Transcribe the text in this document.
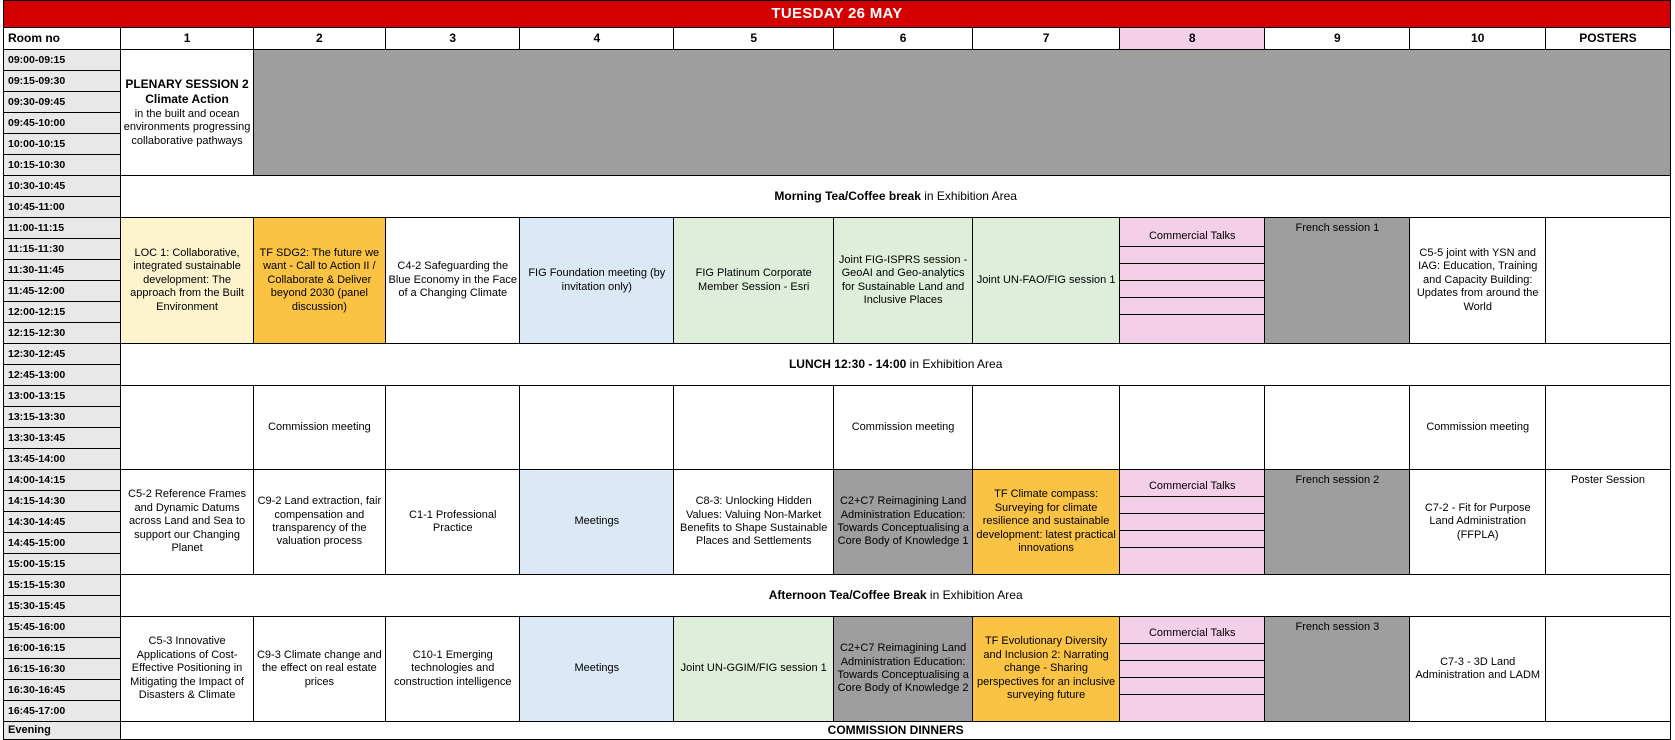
TUESDAY 26 MAY											
Room no	1	2	3	4	5	6	7	8	9	10	POSTERS
09:00-09:15	PLENARY SESSION 2
Climate Action
in the built and ocean environments progressing collaborative pathways										

09:15-09:30											
09:30-09:45											
09:45-10:00											
10:00-10:15											
10:15-10:30											
10:30-10:45	Morning Tea/Coffee break in Exhibition Area										
10:45-11:00											
11:00-11:15	LOC 1: Collaborative, integrated sustainable development: The approach from the Built Environment	TF SDG2: The future we want - Call to Action II / Collaborate & Deliver beyond 2030 (panel discussion)	C4-2 Safeguarding the Blue Economy in the Face of a Changing Climate	FIG Foundation meeting (by invitation only)	FIG Platinum Corporate Member Session - Esri	Joint FIG-ISPRS session - GeoAI and Geo-analytics for Sustainable Land and Inclusive Places	Joint UN-FAO/FIG session 1	Commercial Talks	French session 1	C5-5 joint with YSN and IAG: Education, Training and Capacity Building: Updates from around the World	
11:15-11:30											
11:30-11:45											
11:45-12:00											
12:00-12:15											
12:15-12:30											
12:30-12:45	LUNCH 12:30 - 14:00 in Exhibition Area										
12:45-13:00											
13:00-13:15		Commission meeting				Commission meeting				Commission meeting	
13:15-13:30											
13:30-13:45											
13:45-14:00											
14:00-14:15	C5-2 Reference Frames and Dynamic Datums across Land and Sea to support our Changing Planet	C9-2 Land extraction, fair compensation and transparency of the valuation process	C1-1 Professional Practice	Meetings	C8-3: Unlocking Hidden Values: Valuing Non-Market Benefits to Shape Sustainable Places and Settlements	C2+C7 Reimagining Land Administration Education: Towards Conceptualising a Core Body of Knowledge 1	TF Climate compass: Surveying for climate resilience and sustainable development: latest practical innovations	Commercial Talks	French session 2	C7-2 - Fit for Purpose Land Administration (FFPLA)	Poster Session
14:15-14:30											
14:30-14:45											
14:45-15:00											
15:00-15:15											
15:15-15:30	Afternoon Tea/Coffee Break in Exhibition Area										
15:30-15:45											
15:45-16:00	C5-3 Innovative Applications of Cost-Effective Positioning in Mitigating the Impact of Disasters & Climate	C9-3 Climate change and the effect on real estate prices	C10-1 Emerging technologies and construction intelligence	Meetings	Joint UN-GGIM/FIG session 1	C2+C7 Reimagining Land Administration Education: Towards Conceptualising a Core Body of Knowledge 2	TF Evolutionary Diversity and Inclusion 2: Narrating change - Sharing perspectives for an inclusive surveying future	Commercial Talks	French session 3	C7-3 - 3D Land Administration and LADM	
16:00-16:15											
16:15-16:30											
16:30-16:45											
16:45-17:00											
Evening	COMMISSION DINNERS										
